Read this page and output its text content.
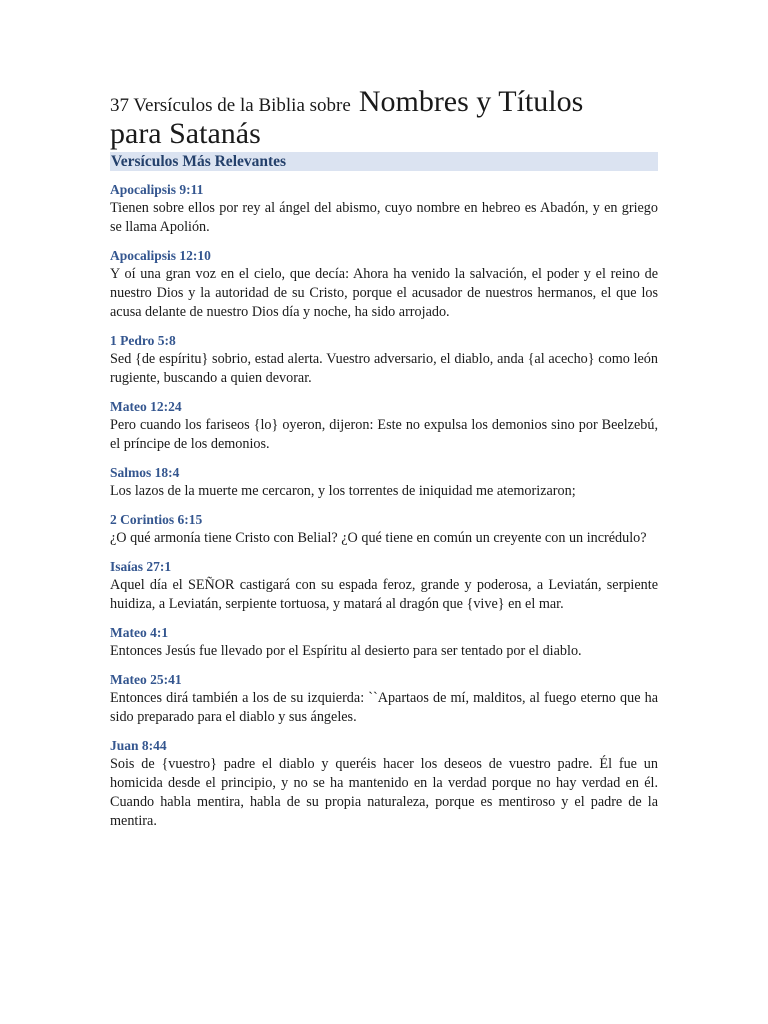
37 Versículos de la Biblia sobre Nombres y Títulos
para Satanás
Versículos Más Relevantes
Apocalipsis 9:11
Tienen sobre ellos por rey al ángel del abismo, cuyo nombre en hebreo es Abadón, y en griego se llama Apolión.
Apocalipsis 12:10
Y oí una gran voz en el cielo, que decía: Ahora ha venido la salvación, el poder y el reino de nuestro Dios y la autoridad de su Cristo, porque el acusador de nuestros hermanos, el que los acusa delante de nuestro Dios día y noche, ha sido arrojado.
1 Pedro 5:8
Sed {de espíritu} sobrio, estad alerta. Vuestro adversario, el diablo, anda {al acecho} como león rugiente, buscando a quien devorar.
Mateo 12:24
Pero cuando los fariseos {lo} oyeron, dijeron: Este no expulsa los demonios sino por Beelzebú, el príncipe de los demonios.
Salmos 18:4
Los lazos de la muerte me cercaron, y los torrentes de iniquidad me atemorizaron;
2 Corintios 6:15
¿O qué armonía tiene Cristo con Belial? ¿O qué tiene en común un creyente con un incrédulo?
Isaías 27:1
Aquel día el SEÑOR castigará con su espada feroz, grande y poderosa, a Leviatán, serpiente huidiza, a Leviatán, serpiente tortuosa, y matará al dragón que {vive} en el mar.
Mateo 4:1
Entonces Jesús fue llevado por el Espíritu al desierto para ser tentado por el diablo.
Mateo 25:41
Entonces dirá también a los de su izquierda: ``Apartaos de mí, malditos, al fuego eterno que ha sido preparado para el diablo y sus ángeles.
Juan 8:44
Sois de {vuestro} padre el diablo y queréis hacer los deseos de vuestro padre. Él fue un homicida desde el principio, y no se ha mantenido en la verdad porque no hay verdad en él. Cuando habla mentira, habla de su propia naturaleza, porque es mentiroso y el padre de la mentira.
